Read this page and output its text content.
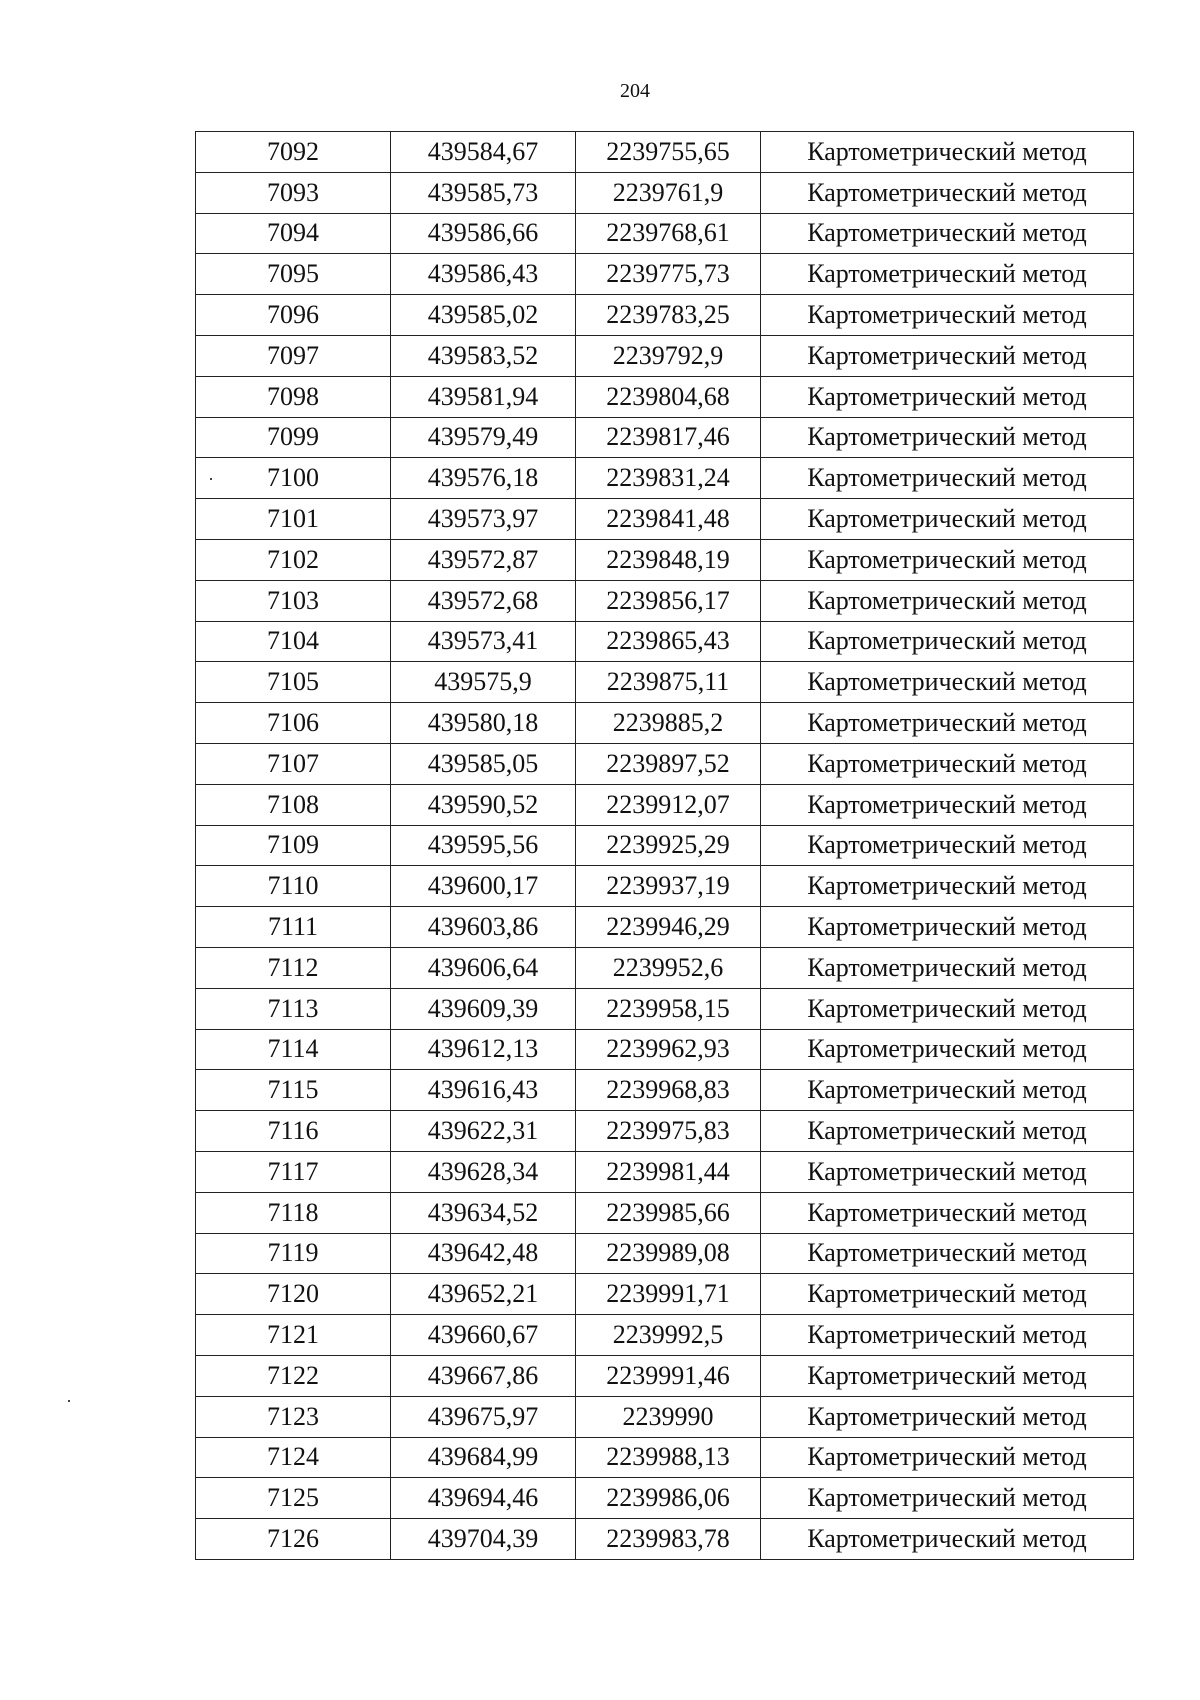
204
7092	439584,67	2239755,65	Картометрический метод
7093	439585,73	2239761,9	Картометрический метод
7094	439586,66	2239768,61	Картометрический метод
7095	439586,43	2239775,73	Картометрический метод
7096	439585,02	2239783,25	Картометрический метод
7097	439583,52	2239792,9	Картометрический метод
7098	439581,94	2239804,68	Картометрический метод
7099	439579,49	2239817,46	Картометрический метод
7100	439576,18	2239831,24	Картометрический метод
7101	439573,97	2239841,48	Картометрический метод
7102	439572,87	2239848,19	Картометрический метод
7103	439572,68	2239856,17	Картометрический метод
7104	439573,41	2239865,43	Картометрический метод
7105	439575,9	2239875,11	Картометрический метод
7106	439580,18	2239885,2	Картометрический метод
7107	439585,05	2239897,52	Картометрический метод
7108	439590,52	2239912,07	Картометрический метод
7109	439595,56	2239925,29	Картометрический метод
7110	439600,17	2239937,19	Картометрический метод
7111	439603,86	2239946,29	Картометрический метод
7112	439606,64	2239952,6	Картометрический метод
7113	439609,39	2239958,15	Картометрический метод
7114	439612,13	2239962,93	Картометрический метод
7115	439616,43	2239968,83	Картометрический метод
7116	439622,31	2239975,83	Картометрический метод
7117	439628,34	2239981,44	Картометрический метод
7118	439634,52	2239985,66	Картометрический метод
7119	439642,48	2239989,08	Картометрический метод
7120	439652,21	2239991,71	Картометрический метод
7121	439660,67	2239992,5	Картометрический метод
7122	439667,86	2239991,46	Картометрический метод
7123	439675,97	2239990	Картометрический метод
7124	439684,99	2239988,13	Картометрический метод
7125	439694,46	2239986,06	Картометрический метод
7126	439704,39	2239983,78	Картометрический метод
